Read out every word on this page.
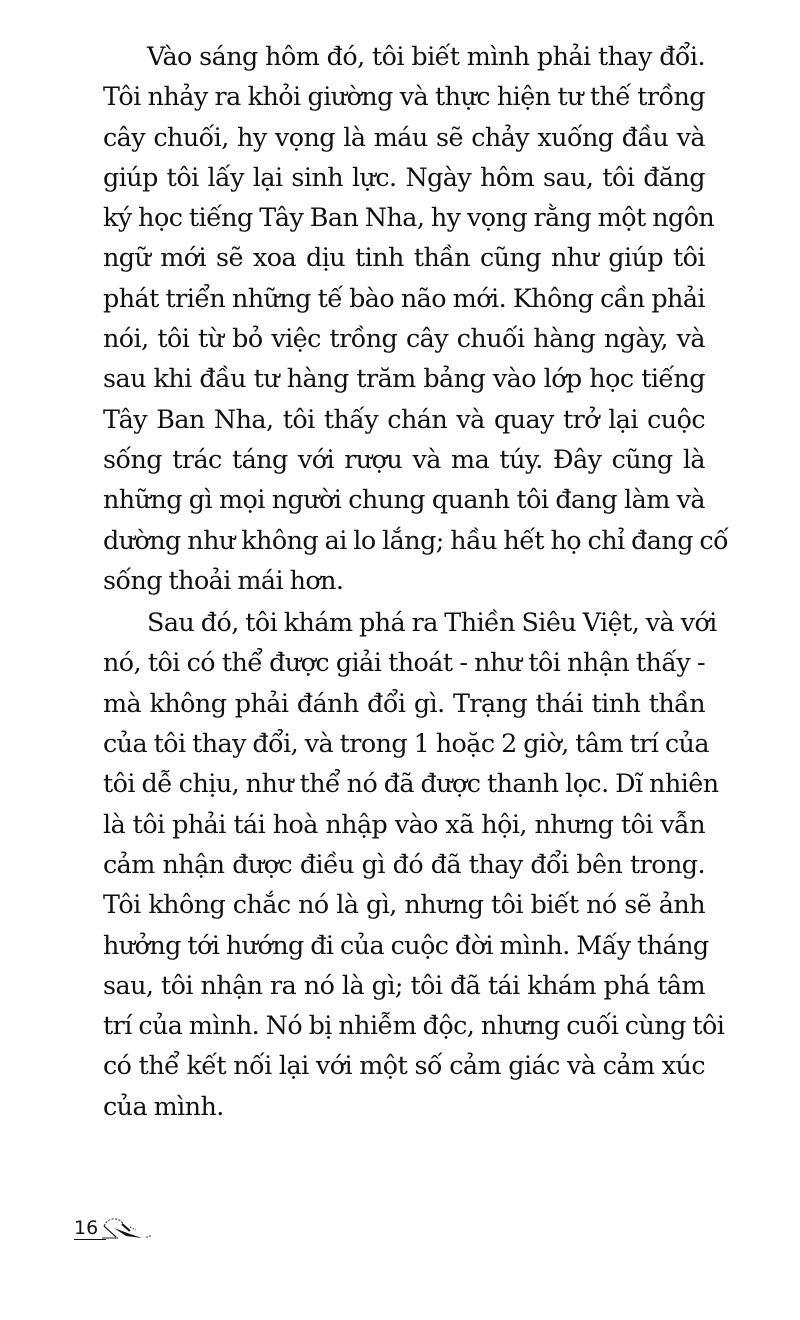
Vào sáng hôm đó, tôi biết mình phải thay đổi.
Tôi nhảy ra khỏi giường và thực hiện tư thế trồng
cây chuối, hy vọng là máu sẽ chảy xuống đầu và
giúp tôi lấy lại sinh lực. Ngày hôm sau, tôi đăng
ký học tiếng Tây Ban Nha, hy vọng rằng một ngôn
ngữ mới sẽ xoa dịu tinh thần cũng như giúp tôi
phát triển những tế bào não mới. Không cần phải
nói, tôi từ bỏ việc trồng cây chuối hàng ngày, và
sau khi đầu tư hàng trăm bảng vào lớp học tiếng
Tây Ban Nha, tôi thấy chán và quay trở lại cuộc
sống trác táng với rượu và ma túy. Đây cũng là
những gì mọi người chung quanh tôi đang làm và
dường như không ai lo lắng; hầu hết họ chỉ đang cố
sống thoải mái hơn.
Sau đó, tôi khám phá ra Thiền Siêu Việt, và với
nó, tôi có thể được giải thoát - như tôi nhận thấy -
mà không phải đánh đổi gì. Trạng thái tinh thần
của tôi thay đổi, và trong 1 hoặc 2 giờ, tâm trí của
tôi dễ chịu, như thể nó đã được thanh lọc. Dĩ nhiên
là tôi phải tái hoà nhập vào xã hội, nhưng tôi vẫn
cảm nhận được điều gì đó đã thay đổi bên trong.
Tôi không chắc nó là gì, nhưng tôi biết nó sẽ ảnh
hưởng tới hướng đi của cuộc đời mình. Mấy tháng
sau, tôi nhận ra nó là gì; tôi đã tái khám phá tâm
trí của mình. Nó bị nhiễm độc, nhưng cuối cùng tôi
có thể kết nối lại với một số cảm giác và cảm xúc
của mình.
16
